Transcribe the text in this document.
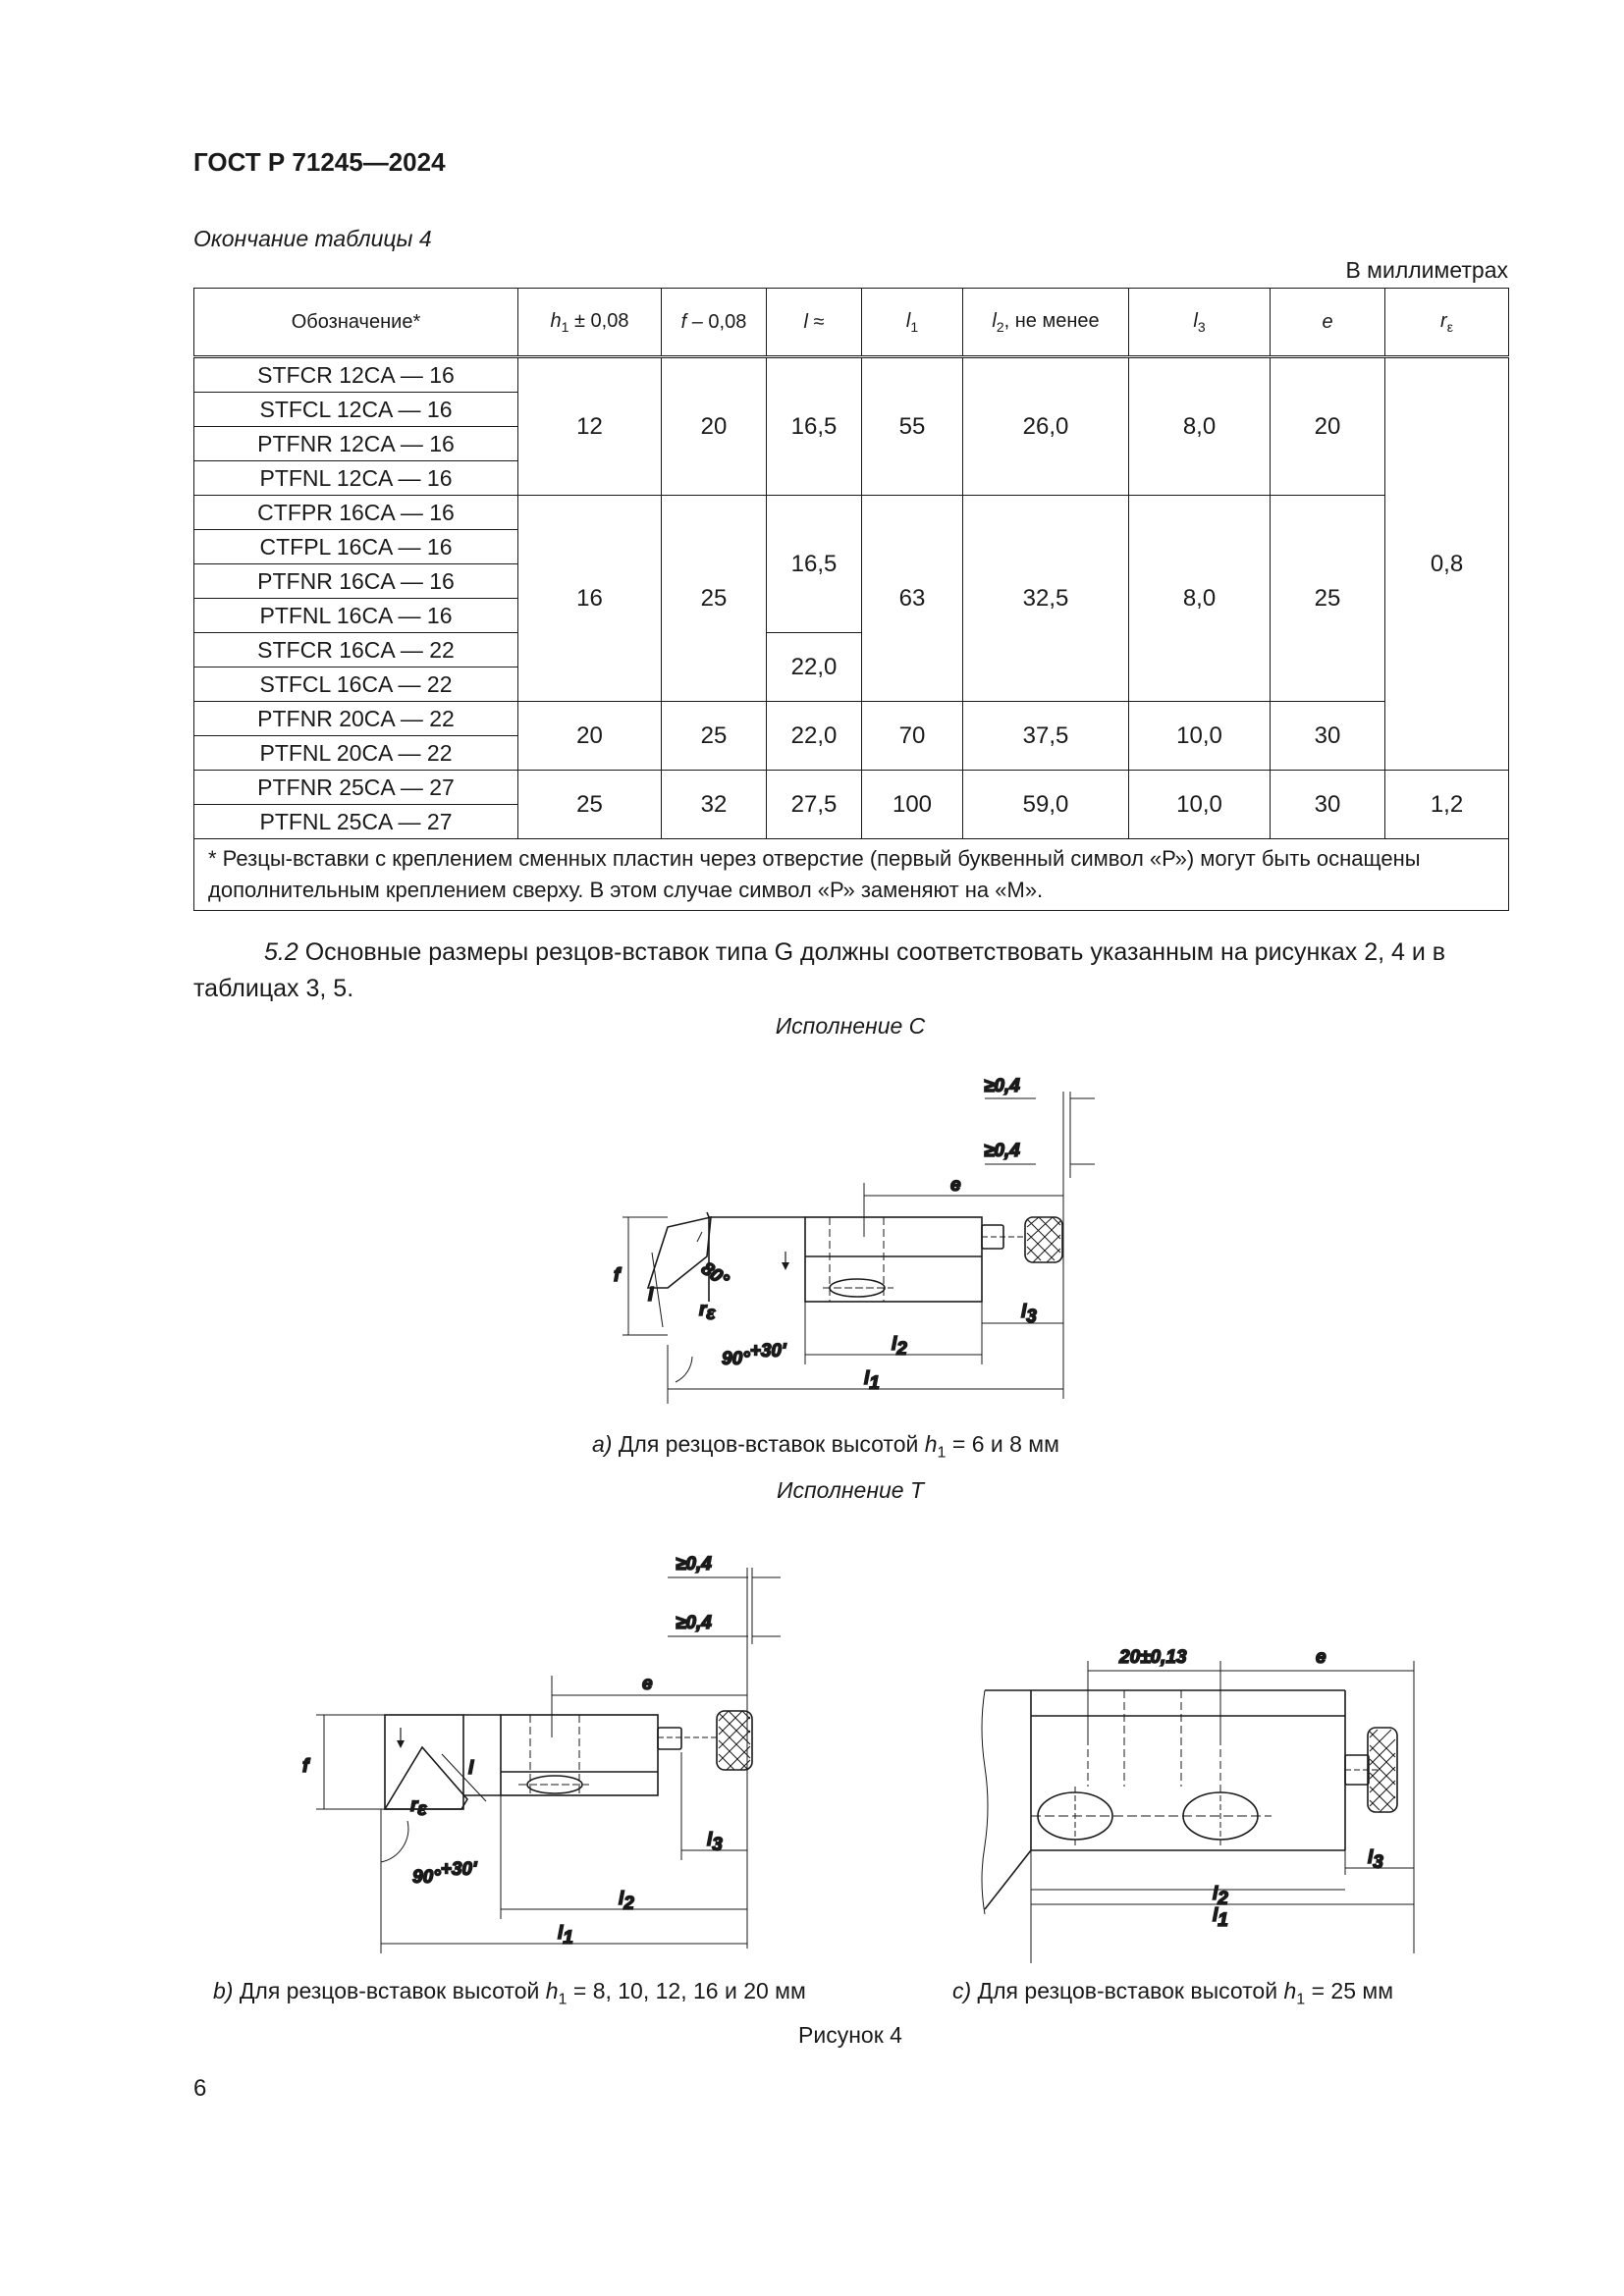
ГОСТ Р 71245—2024
Окончание таблицы 4
В миллиметрах
Обозначение*	$h_1 \pm 0,08$	f – 0,08	l ≈	$l_1$	$l_2$, не менее	$l_3$	e	$r_\varepsilon$
STFCR 12CA — 16	12	20	16,5	55	26,0	8,0	20	0,8
STFCL 12CA — 16								
PTFNR 12CA — 16								
PTFNL 12CA — 16								
CTFPR 16CA — 16	16	25	16,5	63	32,5	8,0	25	
CTFPL 16CA — 16								
PTFNR 16CA — 16								
PTFNL 16CA — 16								
STFCR 16CA — 22			22,0					
STFCL 16CA — 22								
PTFNR 20CA — 22	20	25	22,0	70	37,5	10,0	30	
PTFNL 20CA — 22								
PTFNR 25CA — 27	25	32	27,5	100	59,0	10,0	30	1,2
PTFNL 25CA — 27								
* Резцы-вставки с креплением сменных пластин через отверстие (первый буквенный символ «Р») могут быть оснащены дополнительным креплением сверху. В этом случае символ «Р» заменяют на «М».								
5.2 Основные размеры резцов-вставок типа G должны соответствовать указанным на рисунках 2, 4 и в таблицах 3, 5.
Исполнение С
≥0,4
≥0,4
e
f
l
80°
rε
l2
l3
90°+30'
l1
a) Для резцов-вставок высотой $h_1 = 6$ и 8 мм
Исполнение Т
≥0,4
≥0,4
e
f	l
rε
90°+30'
l2
l3
l1
20±0,13	e
l3
l2
l1
b) Для резцов-вставок высотой $h_1 = 8$, 10, 12, 16 и 20 мм	c) Для резцов-вставок высотой $h_1 = 25$ мм
Рисунок 4
6
